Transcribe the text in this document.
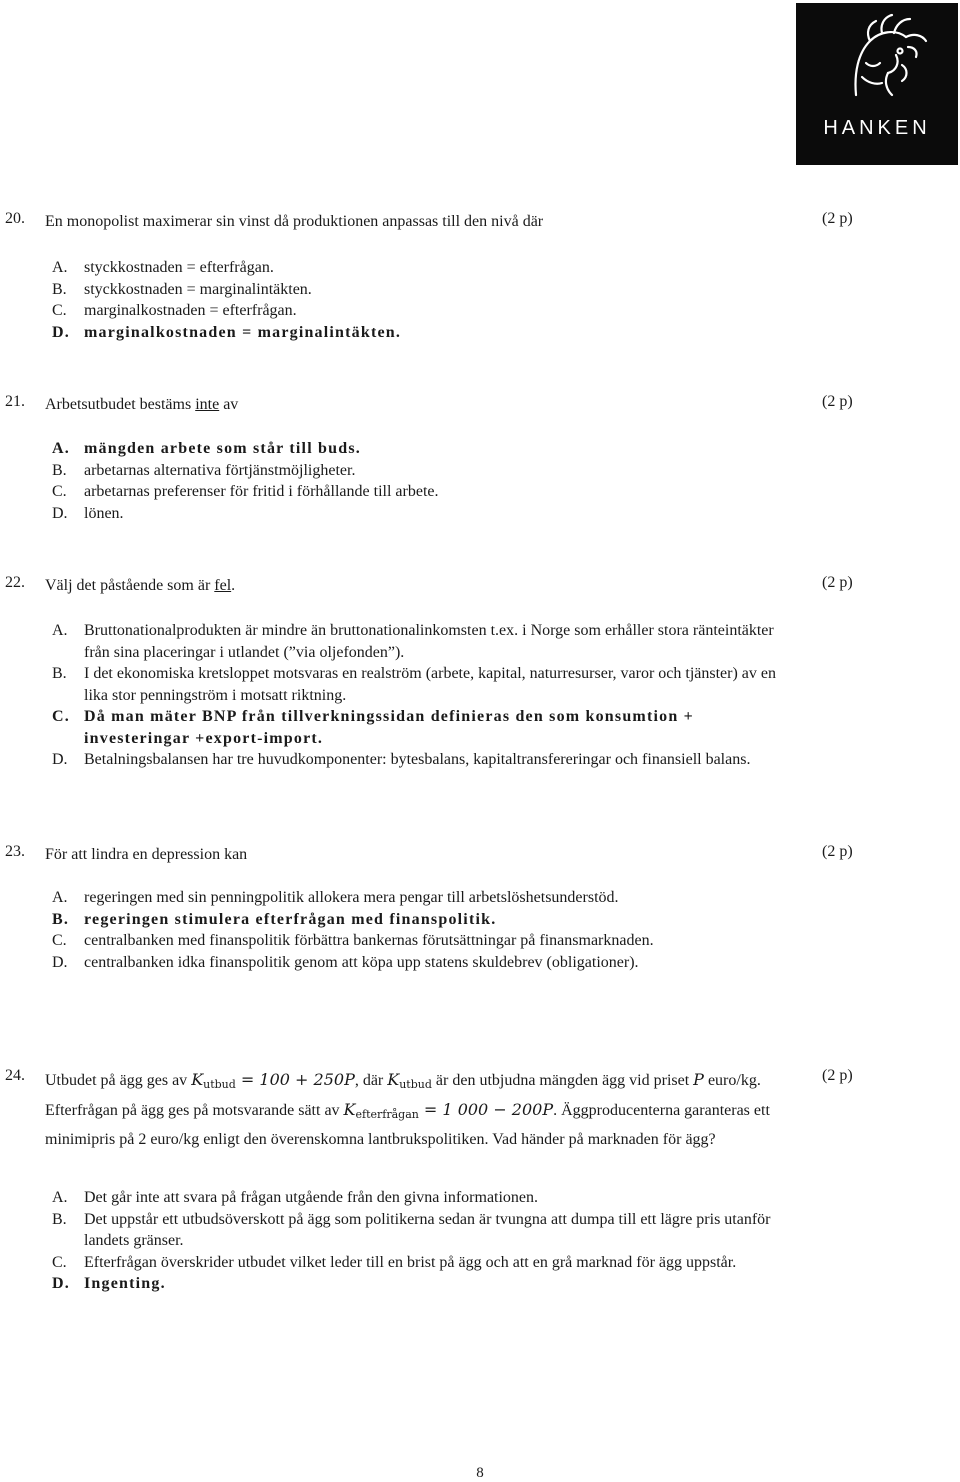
HANKEN
20. En monopolist maximerar sin vinst då produktionen anpassas till den nivå där	(2 p)
A.	styckkostnaden = efterfrågan.
B.	styckkostnaden = marginalintäkten.
C.	marginalkostnaden = efterfrågan.
D. marginalkostnaden = marginalintäkten.
21. Arbetsutbudet bestäms inte av	(2 p)
A. mängden arbete som står till buds.
B.	arbetarnas alternativa förtjänstmöjligheter.
C.	arbetarnas preferenser för fritid i förhållande till arbete.
D.	lönen.
22. Välj det påstående som är fel.	(2 p)
A.	Bruttonationalprodukten är mindre än bruttonationalinkomsten t.ex. i Norge som erhåller stora ränteintäkter från sina placeringar i utlandet (”via oljefonden”).
B.	I det ekonomiska kretsloppet motsvaras en realström (arbete, kapital, naturresurser, varor och tjänster) av en lika stor penningström i motsatt riktning.
C. Då man mäter BNP från tillverkningssidan definieras den som konsumtion + investeringar +export-import.
D.	Betalningsbalansen har tre huvudkomponenter: bytesbalans, kapitaltransfereringar och finansiell balans.
23. För att lindra en depression kan	(2 p)
A.	regeringen med sin penningpolitik allokera mera pengar till arbetslöshetsunderstöd.
B. regeringen stimulera efterfrågan med finanspolitik.
C.	centralbanken med finanspolitik förbättra bankernas förutsättningar på finansmarknaden.
D.	centralbanken idka finanspolitik genom att köpa upp statens skuldebrev (obligationer).
24. Utbudet på ägg ges av $K_{utbud} = 100 + 250P$, där $K_{utbud}$ är den utbjudna mängden ägg vid priset P euro/kg. Efterfrågan på ägg ges på motsvarande sätt av $K_{efterfrågan} = 1$ 000 − 200P. Äggproducenterna garanteras ett minimipris på 2 euro/kg enligt den överenskomna lantbrukspolitiken. Vad händer på marknaden för ägg?
(2 p)
A.	Det går inte att svara på frågan utgående från den givna informationen.
B.	Det uppstår ett utbudsöverskott på ägg som politikerna sedan är tvungna att dumpa till ett lägre pris utanför landets gränser.
C.	Efterfrågan överskrider utbudet vilket leder till en brist på ägg och att en grå marknad för ägg uppstår.
D. Ingenting.
8
